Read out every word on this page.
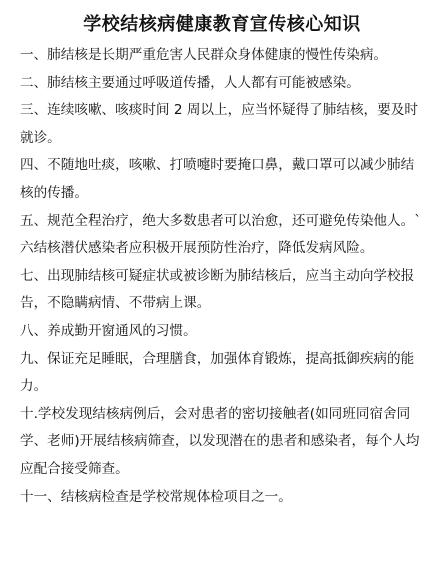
学校结核病健康教育宣传核心知识
一、肺结核是长期严重危害人民群众身体健康的慢性传染病。
二、肺结核主要通过呼吸道传播，人人都有可能被感染。
三、连续咳嗽、咳痰时间 2 周以上，应当怀疑得了肺结核，要及时就诊。
四、不随地吐痰，咳嗽、打喷嚏时要掩口鼻，戴口罩可以减少肺结核的传播。
五、规范全程治疗，绝大多数患者可以治愈，还可避免传染他人。`
六结核潜伏感染者应积极开展预防性治疗，降低发病风险。
七、出现肺结核可疑症状或被诊断为肺结核后，应当主动向学校报告，不隐瞒病情、不带病上课。
八、养成勤开窗通风的习惯。
九、保证充足睡眠，合理膳食，加强体育锻炼，提高抵御疾病的能力。
十.学校发现结核病例后，会对患者的密切接触者(如同班同宿舍同学、老师)开展结核病筛查，以发现潜在的患者和感染者，每个人均应配合接受筛查。
十一、结核病检查是学校常规体检项目之一。
